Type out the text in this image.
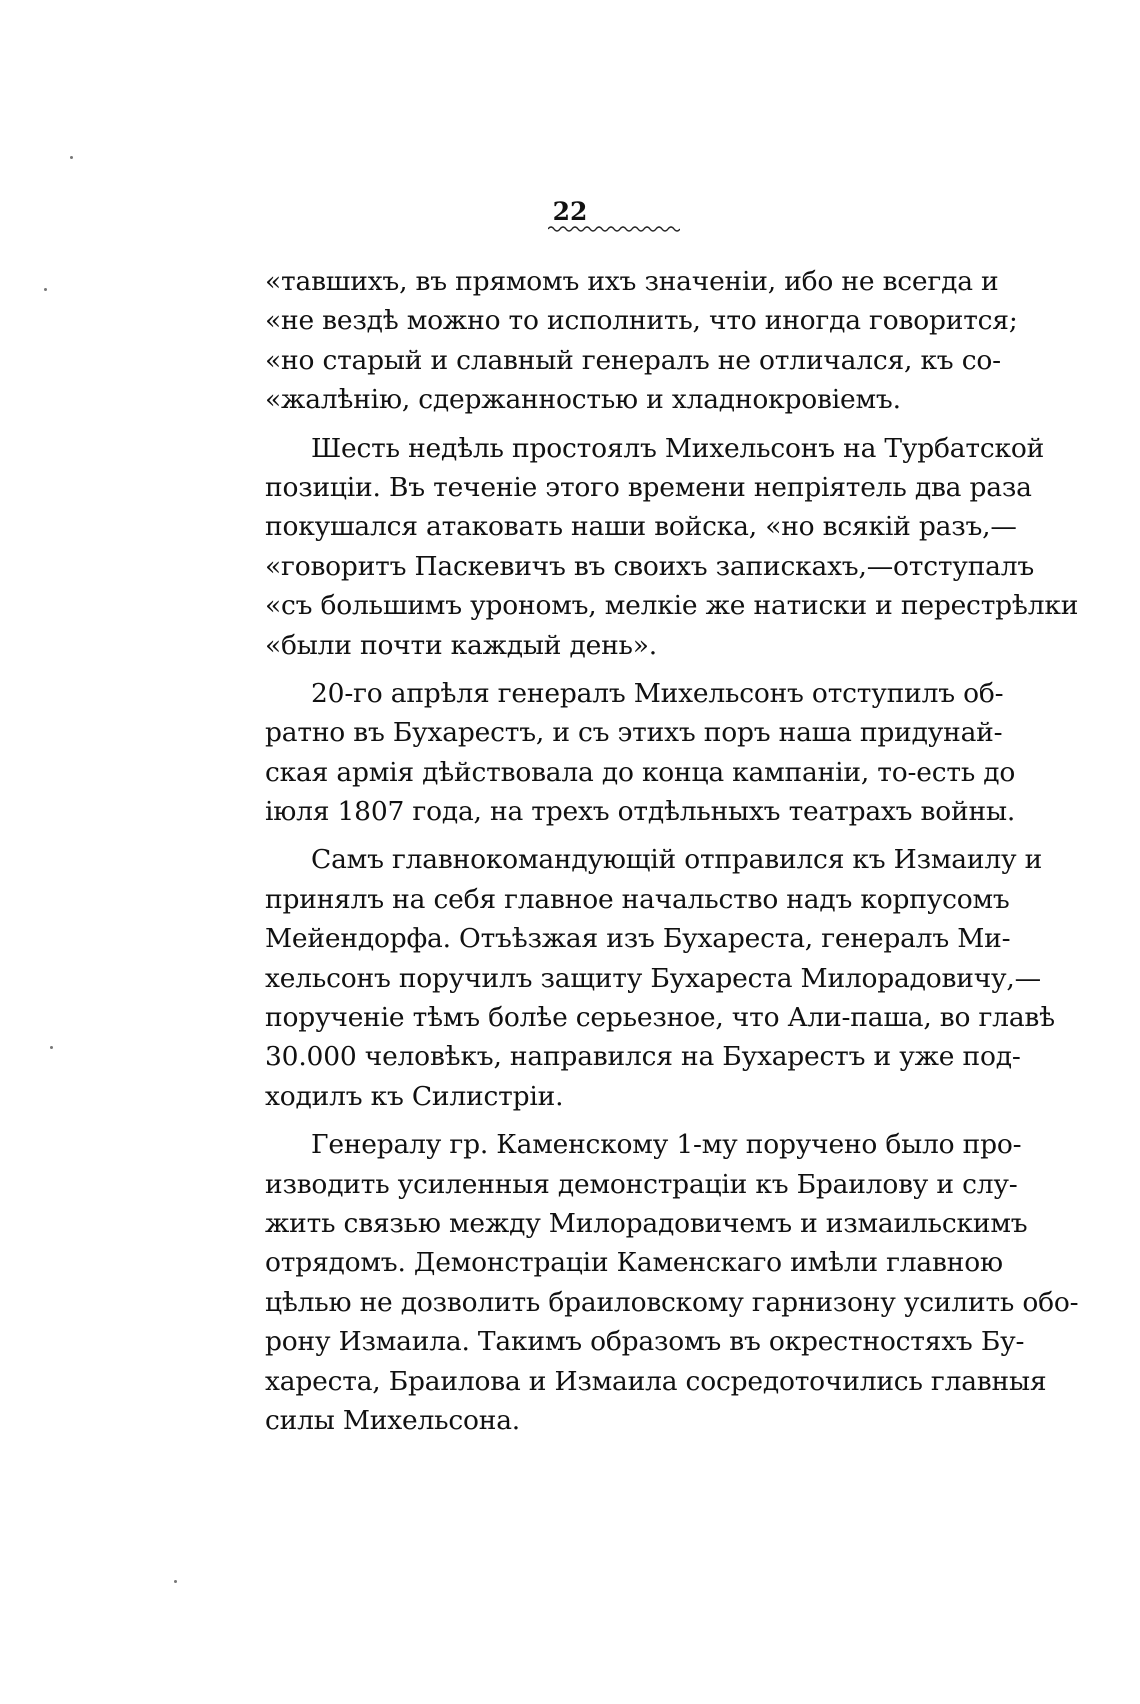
22
«тавшихъ, въ прямомъ ихъ значеніи, ибо не всегда и
«не вездѣ можно то исполнить, что иногда говорится;
«но старый и славный генералъ не отличался, къ со-
«жалѣнію, сдержанностью и хладнокровіемъ.
Шесть недѣль простоялъ Михельсонъ на Турбатской
позиціи. Въ теченіе этого времени непріятель два раза
покушался атаковать наши войска, «но всякій разъ,—
«говоритъ Паскевичъ въ своихъ запискахъ,—отступалъ
«съ большимъ урономъ, мелкіе же натиски и перестрѣлки
«были почти каждый день».
20-го апрѣля генералъ Михельсонъ отступилъ об-
ратно въ Бухарестъ, и съ этихъ поръ наша придунай-
ская армія дѣйствовала до конца кампаніи, то-есть до
іюля 1807 года, на трехъ отдѣльныхъ театрахъ войны.
Самъ главнокомандующій отправился къ Измаилу и
принялъ на себя главное начальство надъ корпусомъ
Мейендорфа. Отъѣзжая изъ Бухареста, генералъ Ми-
хельсонъ поручилъ защиту Бухареста Милорадовичу,—
порученіе тѣмъ болѣе серьезное, что Али-паша, во главѣ
30.000 человѣкъ, направился на Бухарестъ и уже под-
ходилъ къ Силистріи.
Генералу гр. Каменскому 1-му поручено было про-
изводить усиленныя демонстраціи къ Браилову и слу-
жить связью между Милорадовичемъ и измаильскимъ
отрядомъ. Демонстраціи Каменскаго имѣли главною
цѣлью не дозволить браиловскому гарнизону усилить обо-
рону Измаила. Такимъ образомъ въ окрестностяхъ Бу-
хареста, Браилова и Измаила сосредоточились главныя
силы Михельсона.
